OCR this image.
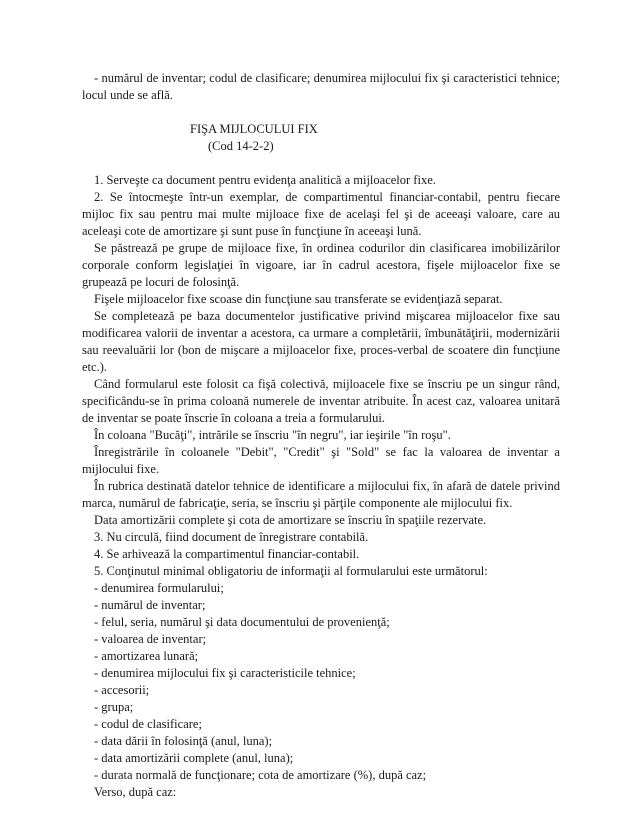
- numărul de inventar; codul de clasificare; denumirea mijlocului fix şi caracteristici tehnice; locul unde se află.

FIŞA MIJLOCULUI FIX

(Cod 14-2-2)

1. Serveşte ca document pentru evidenţa analitică a mijloacelor fixe.

2. Se întocmeşte într-un exemplar, de compartimentul financiar-contabil, pentru fiecare mijloc fix sau pentru mai multe mijloace fixe de acelaşi fel şi de aceeaşi valoare, care au aceleaşi cote de amortizare şi sunt puse în funcţiune în aceeaşi lună.

Se păstrează pe grupe de mijloace fixe, în ordinea codurilor din clasificarea imobilizărilor corporale conform legislaţiei în vigoare, iar în cadrul acestora, fişele mijloacelor fixe se grupează pe locuri de folosinţă.

Fişele mijloacelor fixe scoase din funcţiune sau transferate se evidenţiază separat.

Se completează pe baza documentelor justificative privind mişcarea mijloacelor fixe sau modificarea valorii de inventar a acestora, ca urmare a completării, îmbunătăţirii, modernizării sau reevaluării lor (bon de mişcare a mijloacelor fixe, proces-verbal de scoatere din funcţiune etc.).

Când formularul este folosit ca fişă colectivă, mijloacele fixe se înscriu pe un singur rând, specificându-se în prima coloană numerele de inventar atribuite. În acest caz, valoarea unitară de inventar se poate înscrie în coloana a treia a formularului.

În coloana "Bucăţi", intrările se înscriu "în negru", iar ieşirile "în roşu".

Înregistrările în coloanele "Debit", "Credit" şi "Sold" se fac la valoarea de inventar a mijlocului fixe.

În rubrica destinată datelor tehnice de identificare a mijlocului fix, în afară de datele privind marca, numărul de fabricaţie, seria, se înscriu şi părţile componente ale mijlocului fix.

Data amortizării complete şi cota de amortizare se înscriu în spaţiile rezervate.

3. Nu circulă, fiind document de înregistrare contabilă.

4. Se arhivează la compartimentul financiar-contabil.

5. Conţinutul minimal obligatoriu de informaţii al formularului este următorul:

- denumirea formularului;

- numărul de inventar;

- felul, seria, numărul şi data documentului de provenienţă;

- valoarea de inventar;

- amortizarea lunară;

- denumirea mijlocului fix şi caracteristicile tehnice;

- accesorii;

- grupa;

- codul de clasificare;

- data dării în folosinţă (anul, luna);

- data amortizării complete (anul, luna);

- durata normală de funcţionare; cota de amortizare (%), după caz;

Verso, după caz:
